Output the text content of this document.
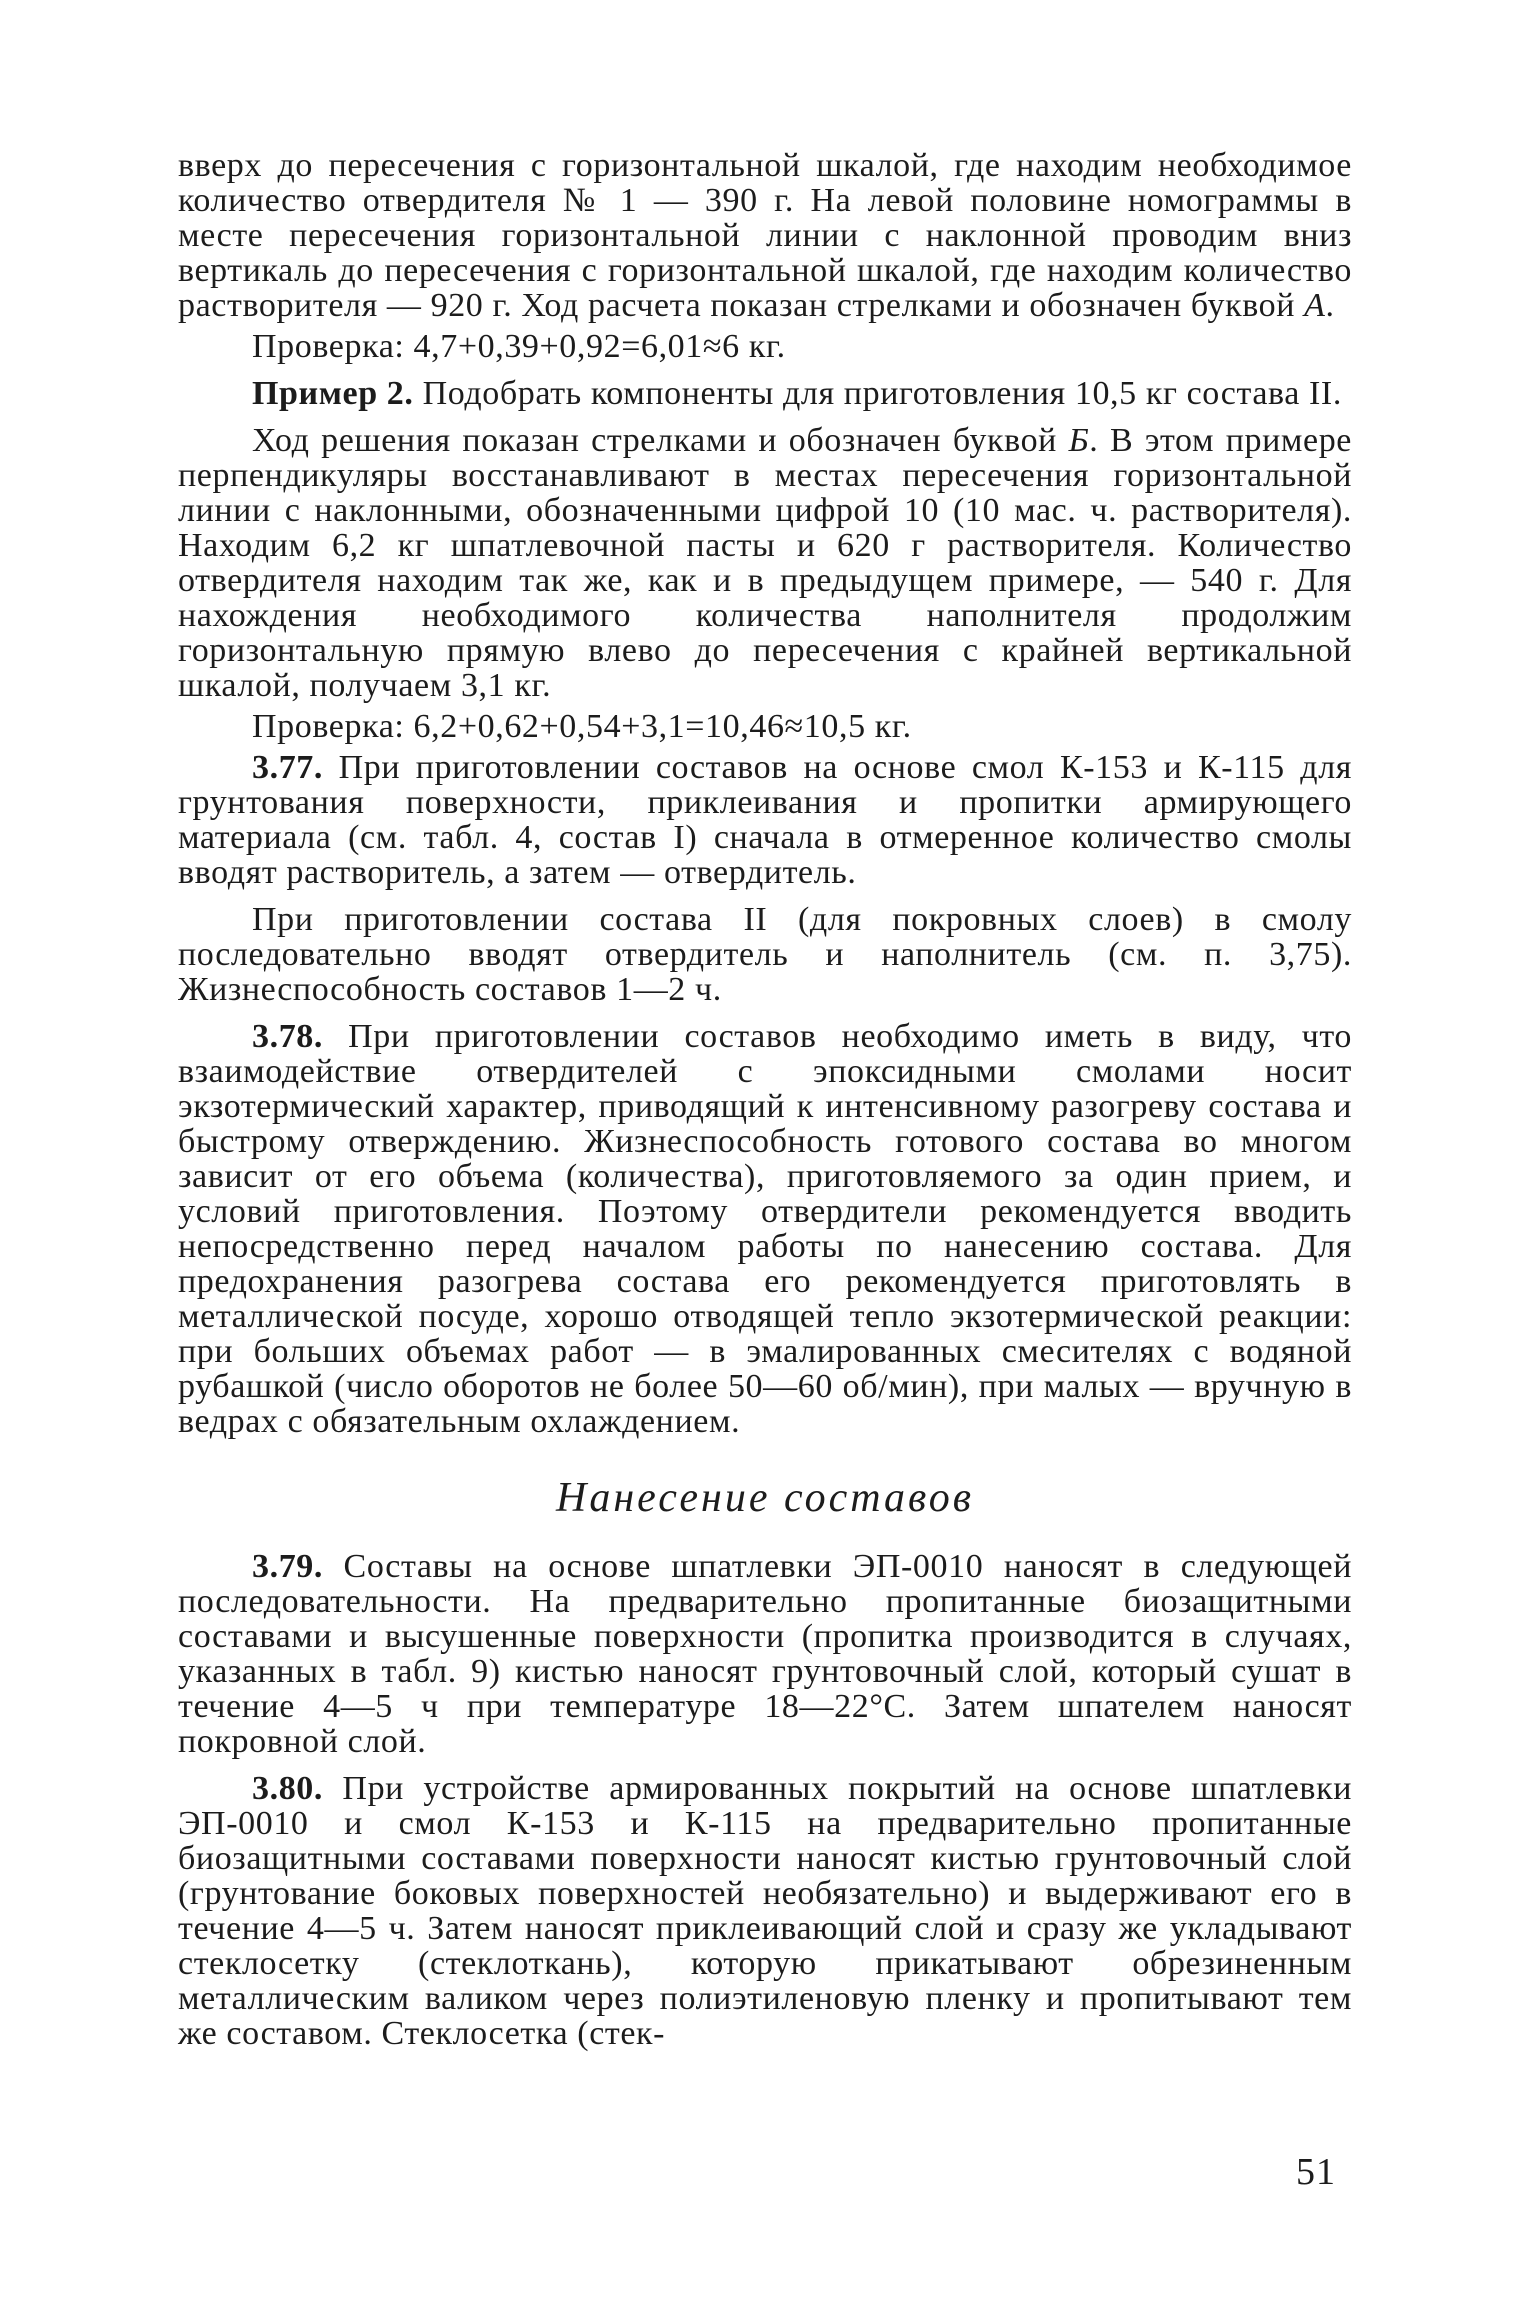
вверх до пересечения с горизонтальной шкалой, где находим необходимое количество отвердителя № 1 — 390 г. На левой половине номограммы в месте пересечения горизонтальной линии с наклонной проводим вниз вертикаль до пересечения с горизонтальной шкалой, где находим количество растворителя — 920 г. Ход расчета показан стрелками и обозначен буквой А.

Проверка: 4,7+0,39+0,92=6,01≈6 кг.

Пример 2. Подобрать компоненты для приготовления 10,5 кг состава II.

Ход решения показан стрелками и обозначен буквой Б. В этом примере перпендикуляры восстанавливают в местах пересечения горизонтальной линии с наклонными, обозначенными цифрой 10 (10 мас. ч. растворителя). Находим 6,2 кг шпатлевочной пасты и 620 г растворителя. Количество отвердителя находим так же, как и в предыдущем примере, — 540 г. Для нахождения необходимого количества наполнителя продолжим горизонтальную прямую влево до пересечения с крайней вертикальной шкалой, получаем 3,1 кг.

Проверка: 6,2+0,62+0,54+3,1=10,46≈10,5 кг.

3.77. При приготовлении составов на основе смол К-153 и К-115 для грунтования поверхности, приклеивания и пропитки армирующего материала (см. табл. 4, состав I) сначала в отмеренное количество смолы вводят растворитель, а затем — отвердитель.

При приготовлении состава II (для покровных слоев) в смолу последовательно вводят отвердитель и наполнитель (см. п. 3,75). Жизнеспособность составов 1—2 ч.

3.78. При приготовлении составов необходимо иметь в виду, что взаимодействие отвердителей с эпоксидными смолами носит экзотермический характер, приводящий к интенсивному разогреву состава и быстрому отверждению. Жизнеспособность готового состава во многом зависит от его объема (количества), приготовляемого за один прием, и условий приготовления. Поэтому отвердители рекомендуется вводить непосредственно перед началом работы по нанесению состава. Для предохранения разогрева состава его рекомендуется приготовлять в металлической посуде, хорошо отводящей тепло экзотермической реакции: при больших объемах работ — в эмалированных смесителях с водяной рубашкой (число оборотов не более 50—60 об/мин), при малых — вручную в ведрах с обязательным охлаждением.

Нанесение составов

3.79. Составы на основе шпатлевки ЭП-0010 наносят в следующей последовательности. На предварительно пропитанные биозащитными составами и высушенные поверхности (пропитка производится в случаях, указанных в табл. 9) кистью наносят грунтовочный слой, который сушат в течение 4—5 ч при температуре 18—22°С. Затем шпателем наносят покровной слой.

3.80. При устройстве армированных покрытий на основе шпатлевки ЭП-0010 и смол К-153 и К-115 на предварительно пропитанные биозащитными составами поверхности наносят кистью грунтовочный слой (грунтование боковых поверхностей необязательно) и выдерживают его в течение 4—5 ч. Затем наносят приклеивающий слой и сразу же укладывают стеклосетку (стеклоткань), которую прикатывают обрезиненным металлическим валиком через полиэтиленовую пленку и пропитывают тем же составом. Стеклосетка (стек-

51
